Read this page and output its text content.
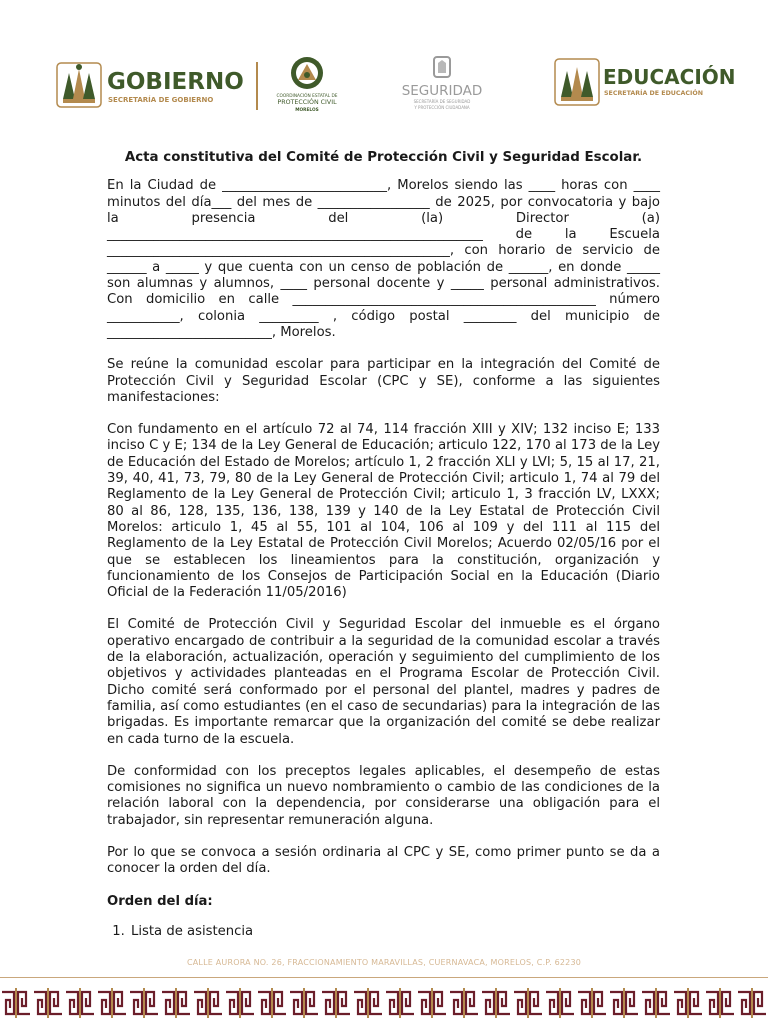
GOBIERNO
SECRETARÍA DE GOBIERNO	COORDINACIÓN ESTATAL DE
PROTECCIÓN CIVIL
MORELOS
SEGURIDAD
SECRETARÍA DE SEGURIDAD
Y PROTECCIÓN CIUDADANA
EDUCACIÓN
SECRETARÍA DE EDUCACIÓN
Acta constitutiva del Comité de Protección Civil y Seguridad Escolar.

En la Ciudad de _________________________, Morelos siendo las ____ horas con ____ minutos del día___ del mes de _________________ de 2025, por convocatoria y bajo la presencia del (la) Director (a) _________________________________________________________ de la Escuela ____________________________________________________, con horario de servicio de ______ a _____ y que cuenta con un censo de población de ______, en donde _____ son alumnas y alumnos, ____ personal docente y _____ personal administrativos. Con domicilio en calle ______________________________________________ número ___________, colonia _________ , código postal ________ del municipio de _________________________, Morelos.

Se reúne la comunidad escolar para participar en la integración del Comité de Protección Civil y Seguridad Escolar (CPC y SE), conforme a las siguientes manifestaciones:

Con fundamento en el artículo 72 al 74, 114 fracción XIII y XIV; 132 inciso E; 133 inciso C y E; 134 de la Ley General de Educación; articulo 122, 170 al 173 de la Ley de Educación del Estado de Morelos; artículo 1, 2 fracción XLI y LVI; 5, 15 al 17, 21, 39, 40, 41, 73, 79, 80 de la Ley General de Protección Civil; articulo 1, 74 al 79 del Reglamento de la Ley General de Protección Civil; articulo 1, 3 fracción LV, LXXX; 80 al 86, 128, 135, 136, 138, 139 y 140 de la Ley Estatal de Protección Civil Morelos: articulo 1, 45 al 55, 101 al 104, 106 al 109 y del 111 al 115 del Reglamento de la Ley Estatal de Protección Civil Morelos; Acuerdo 02/05/16 por el que se establecen los lineamientos para la constitución, organización y funcionamiento de los Consejos de Participación Social en la Educación (Diario Oficial de la Federación 11/05/2016)

El Comité de Protección Civil y Seguridad Escolar del inmueble es el órgano operativo encargado de contribuir a la seguridad de la comunidad escolar a través de la elaboración, actualización, operación y seguimiento del cumplimiento de los objetivos y actividades planteadas en el Programa Escolar de Protección Civil. Dicho comité será conformado por el personal del plantel, madres y padres de familia, así como estudiantes (en el caso de secundarias) para la integración de las brigadas. Es importante remarcar que la organización del comité se debe realizar en cada turno de la escuela.

De conformidad con los preceptos legales aplicables, el desempeño de estas comisiones no significa un nuevo nombramiento o cambio de las condiciones de la relación laboral con la dependencia, por considerarse una obligación para el trabajador, sin representar remuneración alguna.

Por lo que se convoca a sesión ordinaria al CPC y SE, como primer punto se da a conocer la orden del día.

Orden del día:
1. Lista de asistencia
CALLE AURORA NO. 26, FRACCIONAMIENTO MARAVILLAS, CUERNAVACA, MORELOS, C.P. 62230
